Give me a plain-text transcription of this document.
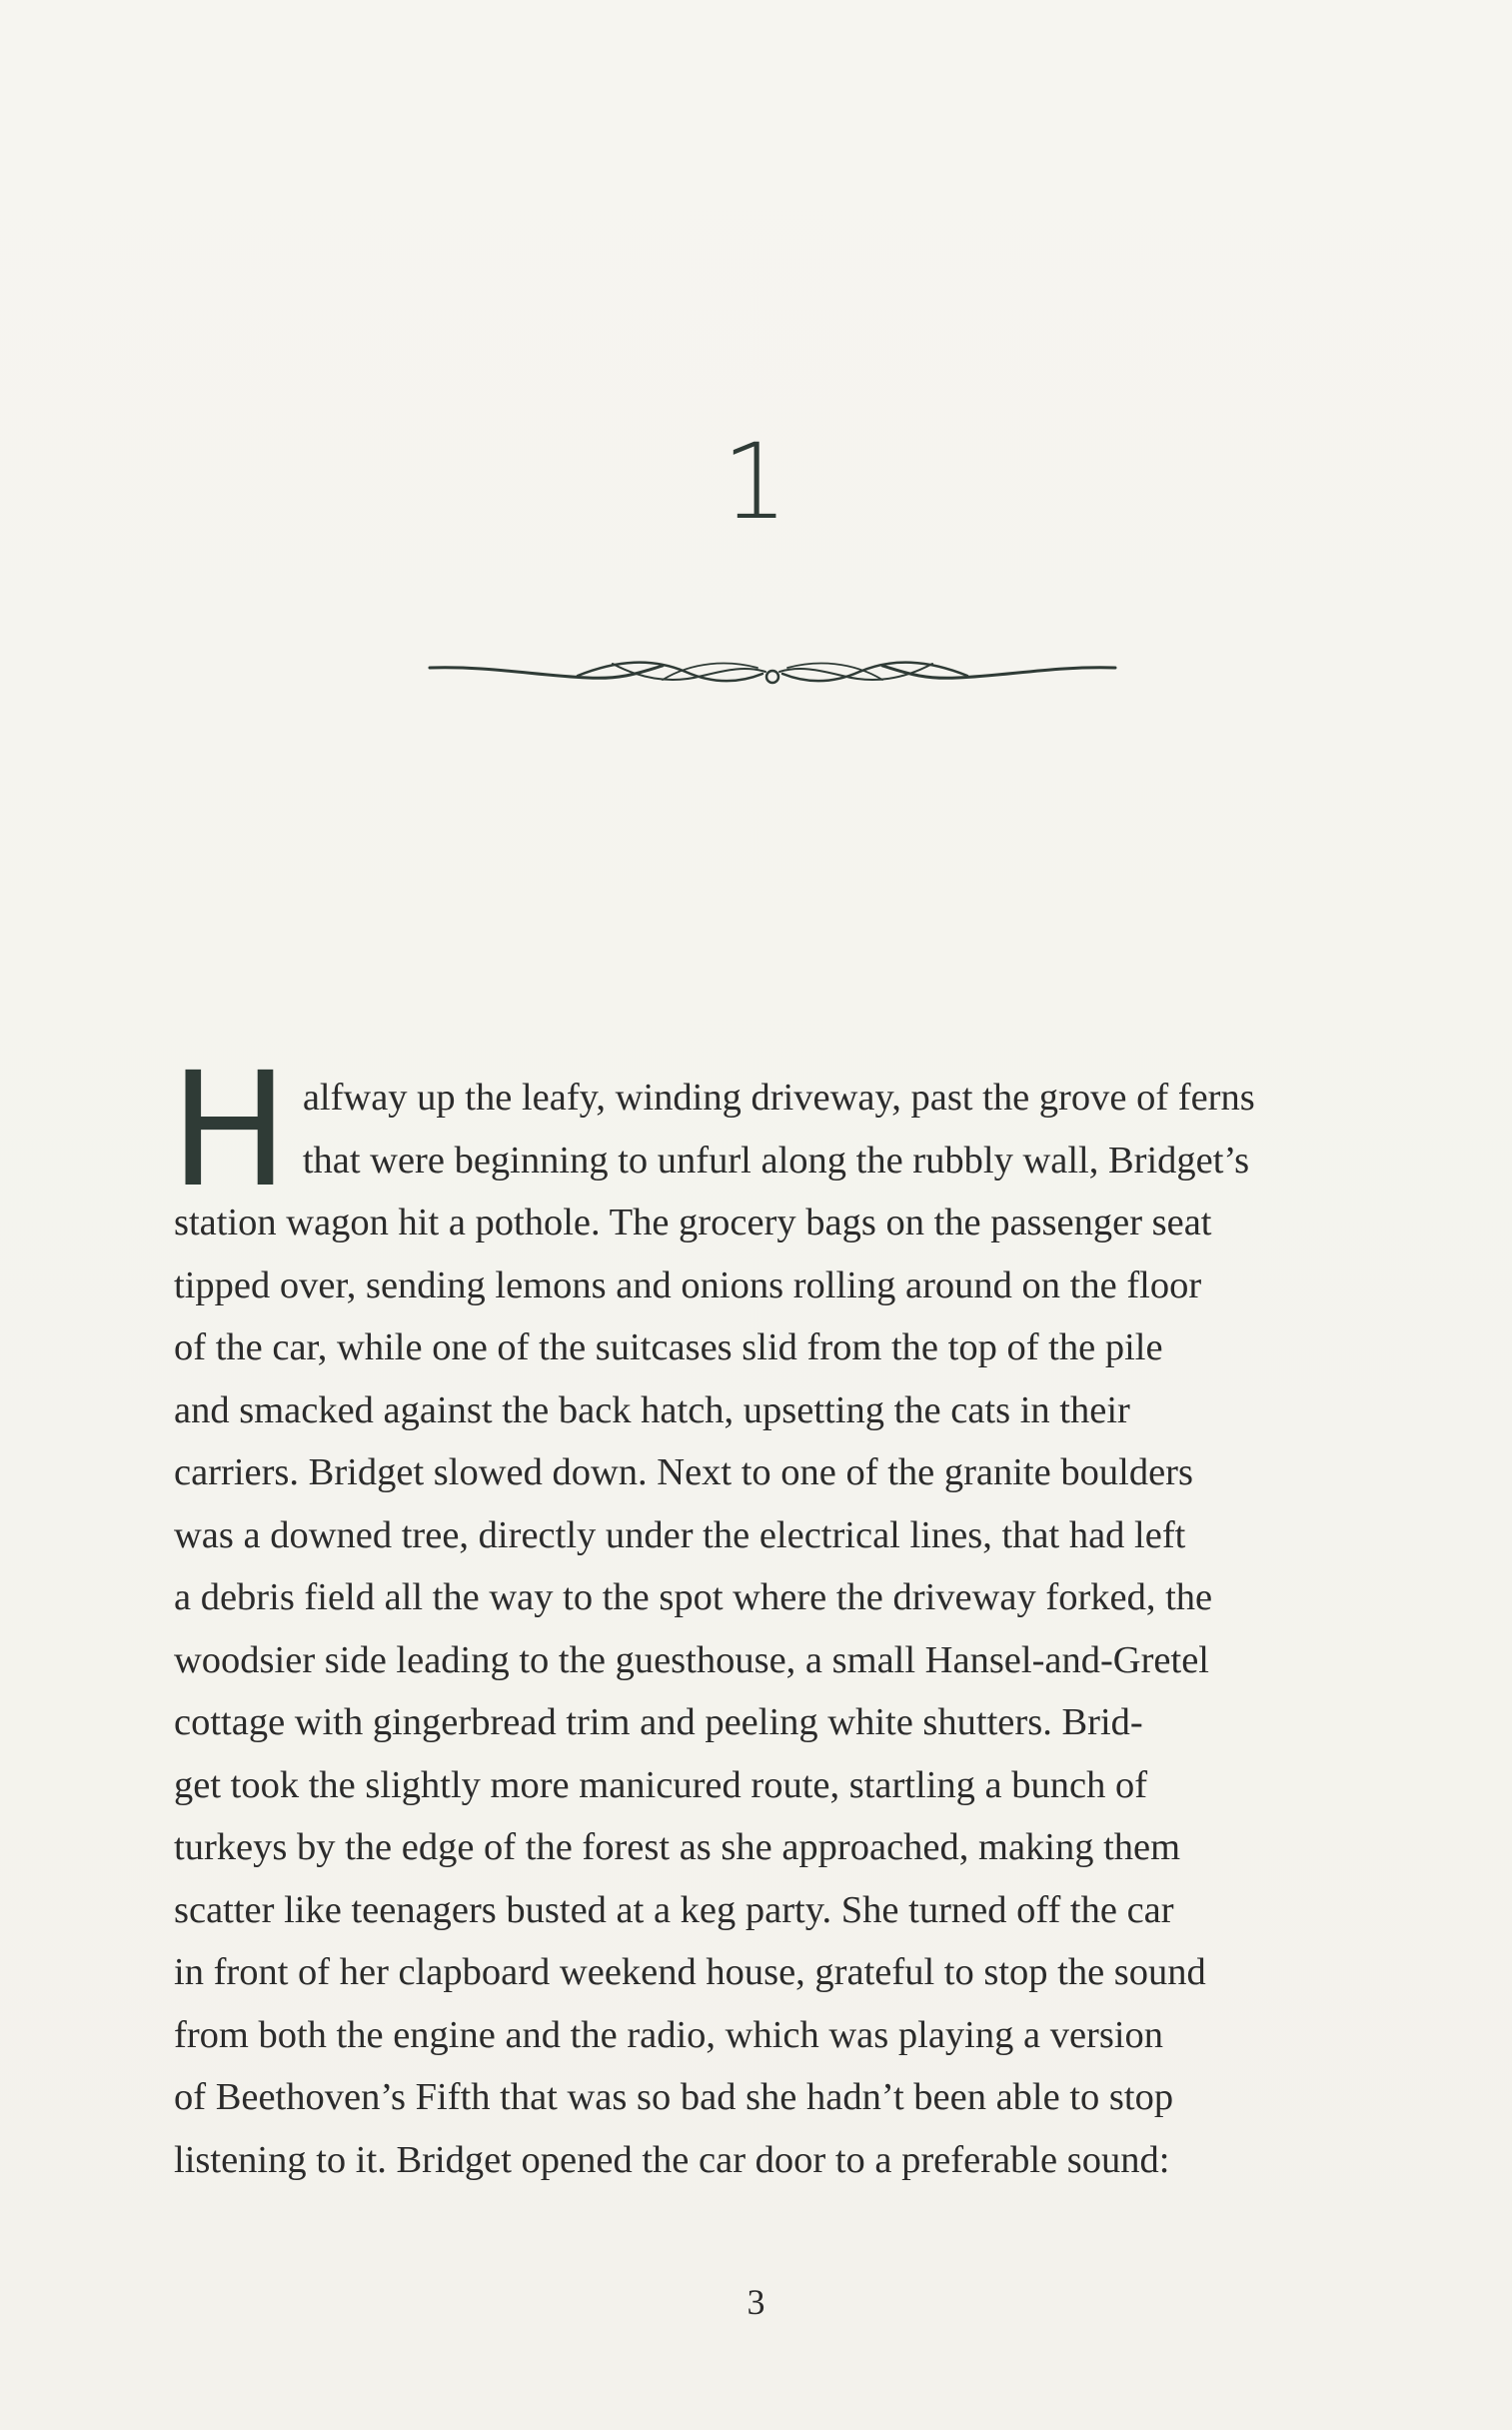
1
H alfway up the leafy, winding driveway, past the grove of ferns
that were beginning to unfurl along the rubbly wall, Bridget’s
station wagon hit a pothole. The grocery bags on the passenger seat
tipped over, sending lemons and onions rolling around on the floor
of the car, while one of the suitcases slid from the top of the pile
and smacked against the back hatch, upsetting the cats in their
carriers. Bridget slowed down. Next to one of the granite boulders
was a downed tree, directly under the electrical lines, that had left
a debris field all the way to the spot where the driveway forked, the
woodsier side leading to the guesthouse, a small Hansel-and-Gretel
cottage with gingerbread trim and peeling white shutters. Brid-
get took the slightly more manicured route, startling a bunch of
turkeys by the edge of the forest as she approached, making them
scatter like teenagers busted at a keg party. She turned off the car
in front of her clapboard weekend house, grateful to stop the sound
from both the engine and the radio, which was playing a version
of Beethoven’s Fifth that was so bad she hadn’t been able to stop
listening to it. Bridget opened the car door to a preferable sound:
3
